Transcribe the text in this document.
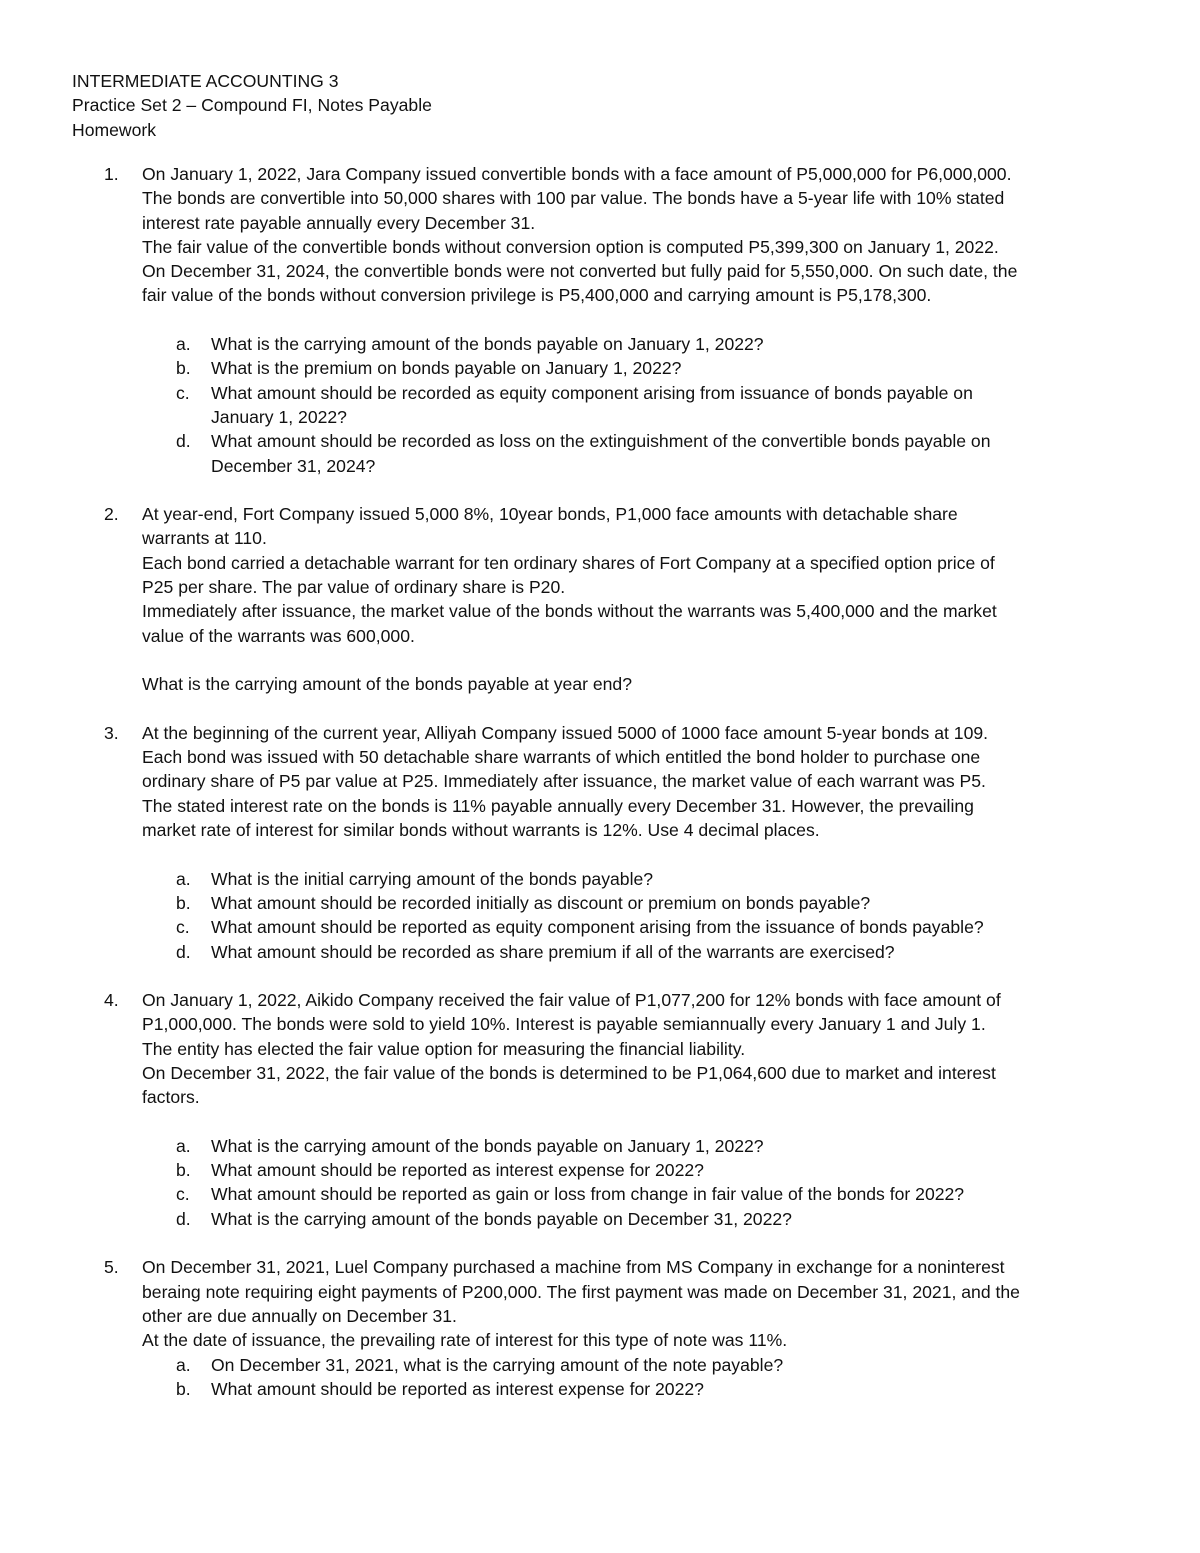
INTERMEDIATE ACCOUNTING 3
Practice Set 2 – Compound FI, Notes Payable
Homework
1. On January 1, 2022, Jara Company issued convertible bonds with a face amount of P5,000,000 for P6,000,000.
The bonds are convertible into 50,000 shares with 100 par value. The bonds have a 5-year life with 10% stated
interest rate payable annually every December 31.
The fair value of the convertible bonds without conversion option is computed P5,399,300 on January 1, 2022.
On December 31, 2024, the convertible bonds were not converted but fully paid for 5,550,000. On such date, the
fair value of the bonds without conversion privilege is P5,400,000 and carrying amount is P5,178,300.
a. What is the carrying amount of the bonds payable on January 1, 2022?
b. What is the premium on bonds payable on January 1, 2022?
c. What amount should be recorded as equity component arising from issuance of bonds payable on
January 1, 2022?
d. What amount should be recorded as loss on the extinguishment of the convertible bonds payable on
December 31, 2024?
2. At year-end, Fort Company issued 5,000 8%, 10year bonds, P1,000 face amounts with detachable share
warrants at 110.
Each bond carried a detachable warrant for ten ordinary shares of Fort Company at a specified option price of
P25 per share. The par value of ordinary share is P20.
Immediately after issuance, the market value of the bonds without the warrants was 5,400,000 and the market
value of the warrants was 600,000.
What is the carrying amount of the bonds payable at year end?
3. At the beginning of the current year, Alliyah Company issued 5000 of 1000 face amount 5-year bonds at 109.
Each bond was issued with 50 detachable share warrants of which entitled the bond holder to purchase one
ordinary share of P5 par value at P25. Immediately after issuance, the market value of each warrant was P5.
The stated interest rate on the bonds is 11% payable annually every December 31. However, the prevailing
market rate of interest for similar bonds without warrants is 12%. Use 4 decimal places.
a. What is the initial carrying amount of the bonds payable?
b. What amount should be recorded initially as discount or premium on bonds payable?
c. What amount should be reported as equity component arising from the issuance of bonds payable?
d. What amount should be recorded as share premium if all of the warrants are exercised?
4. On January 1, 2022, Aikido Company received the fair value of P1,077,200 for 12% bonds with face amount of
P1,000,000. The bonds were sold to yield 10%. Interest is payable semiannually every January 1 and July 1.
The entity has elected the fair value option for measuring the financial liability.
On December 31, 2022, the fair value of the bonds is determined to be P1,064,600 due to market and interest
factors.
a. What is the carrying amount of the bonds payable on January 1, 2022?
b. What amount should be reported as interest expense for 2022?
c. What amount should be reported as gain or loss from change in fair value of the bonds for 2022?
d. What is the carrying amount of the bonds payable on December 31, 2022?
5. On December 31, 2021, Luel Company purchased a machine from MS Company in exchange for a noninterest
beraing note requiring eight payments of P200,000. The first payment was made on December 31, 2021, and the
other are due annually on December 31.
At the date of issuance, the prevailing rate of interest for this type of note was 11%.
a. On December 31, 2021, what is the carrying amount of the note payable?
b. What amount should be reported as interest expense for 2022?
